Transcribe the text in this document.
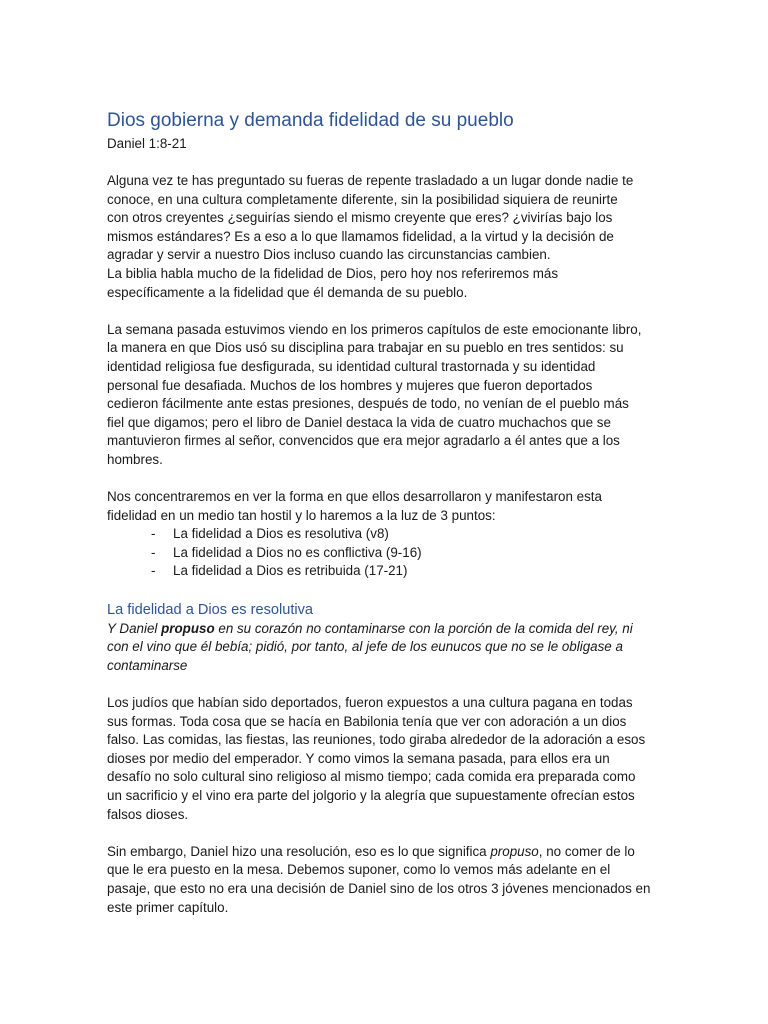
Dios gobierna y demanda fidelidad de su pueblo
Daniel 1:8-21

Alguna vez te has preguntado su fueras de repente trasladado a un lugar donde nadie te
conoce, en una cultura completamente diferente, sin la posibilidad siquiera de reunirte
con otros creyentes ¿seguirías siendo el mismo creyente que eres? ¿vivirías bajo los
mismos estándares? Es a eso a lo que llamamos fidelidad, a la virtud y la decisión de
agradar y servir a nuestro Dios incluso cuando las circunstancias cambien.
La biblia habla mucho de la fidelidad de Dios, pero hoy nos referiremos más
específicamente a la fidelidad que él demanda de su pueblo.

La semana pasada estuvimos viendo en los primeros capítulos de este emocionante libro,
la manera en que Dios usó su disciplina para trabajar en su pueblo en tres sentidos: su
identidad religiosa fue desfigurada, su identidad cultural trastornada y su identidad
personal fue desafiada. Muchos de los hombres y mujeres que fueron deportados
cedieron fácilmente ante estas presiones, después de todo, no venían de el pueblo más
fiel que digamos; pero el libro de Daniel destaca la vida de cuatro muchachos que se
mantuvieron firmes al señor, convencidos que era mejor agradarlo a él antes que a los
hombres.

Nos concentraremos en ver la forma en que ellos desarrollaron y manifestaron esta
fidelidad en un medio tan hostil y lo haremos a la luz de 3 puntos:

- La fidelidad a Dios es resolutiva (v8)
- La fidelidad a Dios no es conflictiva (9-16)
- La fidelidad a Dios es retribuida (17-21)
La fidelidad a Dios es resolutiva

Y Daniel propuso en su corazón no contaminarse con la porción de la comida del rey, ni
con el vino que él bebía; pidió, por tanto, al jefe de los eunucos que no se le obligase a
contaminarse

Los judíos que habían sido deportados, fueron expuestos a una cultura pagana en todas
sus formas. Toda cosa que se hacía en Babilonia tenía que ver con adoración a un dios
falso. Las comidas, las fiestas, las reuniones, todo giraba alrededor de la adoración a esos
dioses por medio del emperador. Y como vimos la semana pasada, para ellos era un
desafío no solo cultural sino religioso al mismo tiempo; cada comida era preparada como
un sacrificio y el vino era parte del jolgorio y la alegría que supuestamente ofrecían estos
falsos dioses.

Sin embargo, Daniel hizo una resolución, eso es lo que significa propuso, no comer de lo
que le era puesto en la mesa. Debemos suponer, como lo vemos más adelante en el
pasaje, que esto no era una decisión de Daniel sino de los otros 3 jóvenes mencionados en
este primer capítulo.
